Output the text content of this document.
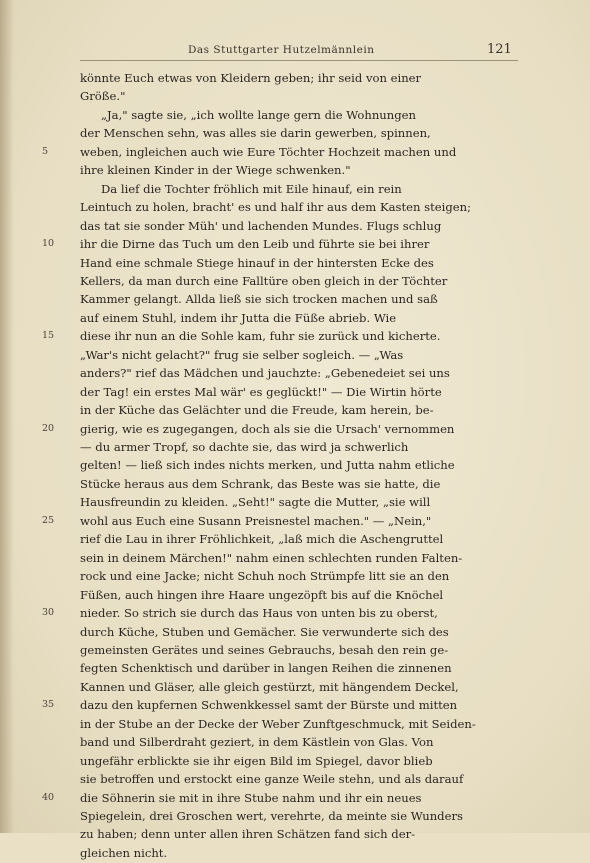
Das Stuttgarter Hutzelmännlein	121
könnte Euch etwas von Kleidern geben; ihr seid von einer
Größe."
„Ja," sagte sie, „ich wollte lange gern die Wohnungen
der Menschen sehn, was alles sie darin gewerben, spinnen,
5	weben, ingleichen auch wie Eure Töchter Hochzeit machen und
ihre kleinen Kinder in der Wiege schwenken."
Da lief die Tochter fröhlich mit Eile hinauf, ein rein
Leintuch zu holen, bracht' es und half ihr aus dem Kasten steigen;
das tat sie sonder Müh' und lachenden Mundes. Flugs schlug
10	ihr die Dirne das Tuch um den Leib und führte sie bei ihrer
Hand eine schmale Stiege hinauf in der hintersten Ecke des
Kellers, da man durch eine Falltüre oben gleich in der Töchter
Kammer gelangt. Allda ließ sie sich trocken machen und saß
auf einem Stuhl, indem ihr Jutta die Füße abrieb. Wie
15	diese ihr nun an die Sohle kam, fuhr sie zurück und kicherte.
„War's nicht gelacht?" frug sie selber sogleich. — „Was
anders?" rief das Mädchen und jauchzte: „Gebenedeiet sei uns
der Tag! ein erstes Mal wär' es geglückt!" — Die Wirtin hörte
in der Küche das Gelächter und die Freude, kam herein, be-
20	gierig, wie es zugegangen, doch als sie die Ursach' vernommen
— du armer Tropf, so dachte sie, das wird ja schwerlich
gelten! — ließ sich indes nichts merken, und Jutta nahm etliche
Stücke heraus aus dem Schrank, das Beste was sie hatte, die
Hausfreundin zu kleiden. „Seht!" sagte die Mutter, „sie will
25	wohl aus Euch eine Susann Preisnestel machen." — „Nein,"
rief die Lau in ihrer Fröhlichkeit, „laß mich die Aschengruttel
sein in deinem Märchen!" nahm einen schlechten runden Falten-
rock und eine Jacke; nicht Schuh noch Strümpfe litt sie an den
Füßen, auch hingen ihre Haare ungezöpft bis auf die Knöchel
30	nieder. So strich sie durch das Haus von unten bis zu oberst,
durch Küche, Stuben und Gemächer. Sie verwunderte sich des
gemeinsten Gerätes und seines Gebrauchs, besah den rein ge-
fegten Schenktisch und darüber in langen Reihen die zinnenen
Kannen und Gläser, alle gleich gestürzt, mit hängendem Deckel,
35	dazu den kupfernen Schwenkkessel samt der Bürste und mitten
in der Stube an der Decke der Weber Zunftgeschmuck, mit Seiden-
band und Silberdraht geziert, in dem Kästlein von Glas. Von
ungefähr erblickte sie ihr eigen Bild im Spiegel, davor blieb
sie betroffen und erstockt eine ganze Weile stehn, und als darauf
40	die Söhnerin sie mit in ihre Stube nahm und ihr ein neues
Spiegelein, drei Groschen wert, verehrte, da meinte sie Wunders
zu haben; denn unter allen ihren Schätzen fand sich der-
gleichen nicht.
